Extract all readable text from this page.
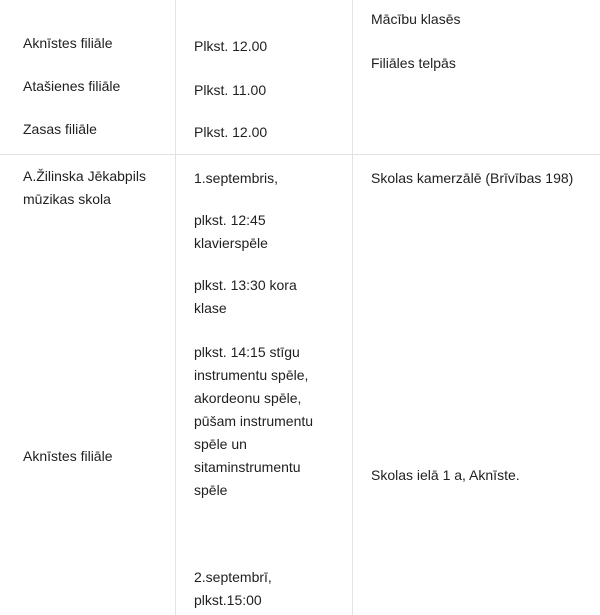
Aknīstes filiāle
Atašienes filiāle
Zasas filiāle
Plkst. 12.00
Plkst. 11.00
Plkst. 12.00
Mācību klasēs
Filiāles telpās
A.Žilinska Jēkabpils
mūzikas skola
Aknīstes filiāle
1.septembris,
plkst. 12:45
klavierspēle
plkst. 13:30 kora
klase
plkst. 14:15 stīgu
instrumentu spēle,
akordeonu spēle,
pūšam instrumentu
spēle un
sitaminstrumentu
spēle
2.septembrī,
plkst.15:00
Skolas kamerzālē (Brīvības 198)
Skolas ielā 1 a, Aknīste.
